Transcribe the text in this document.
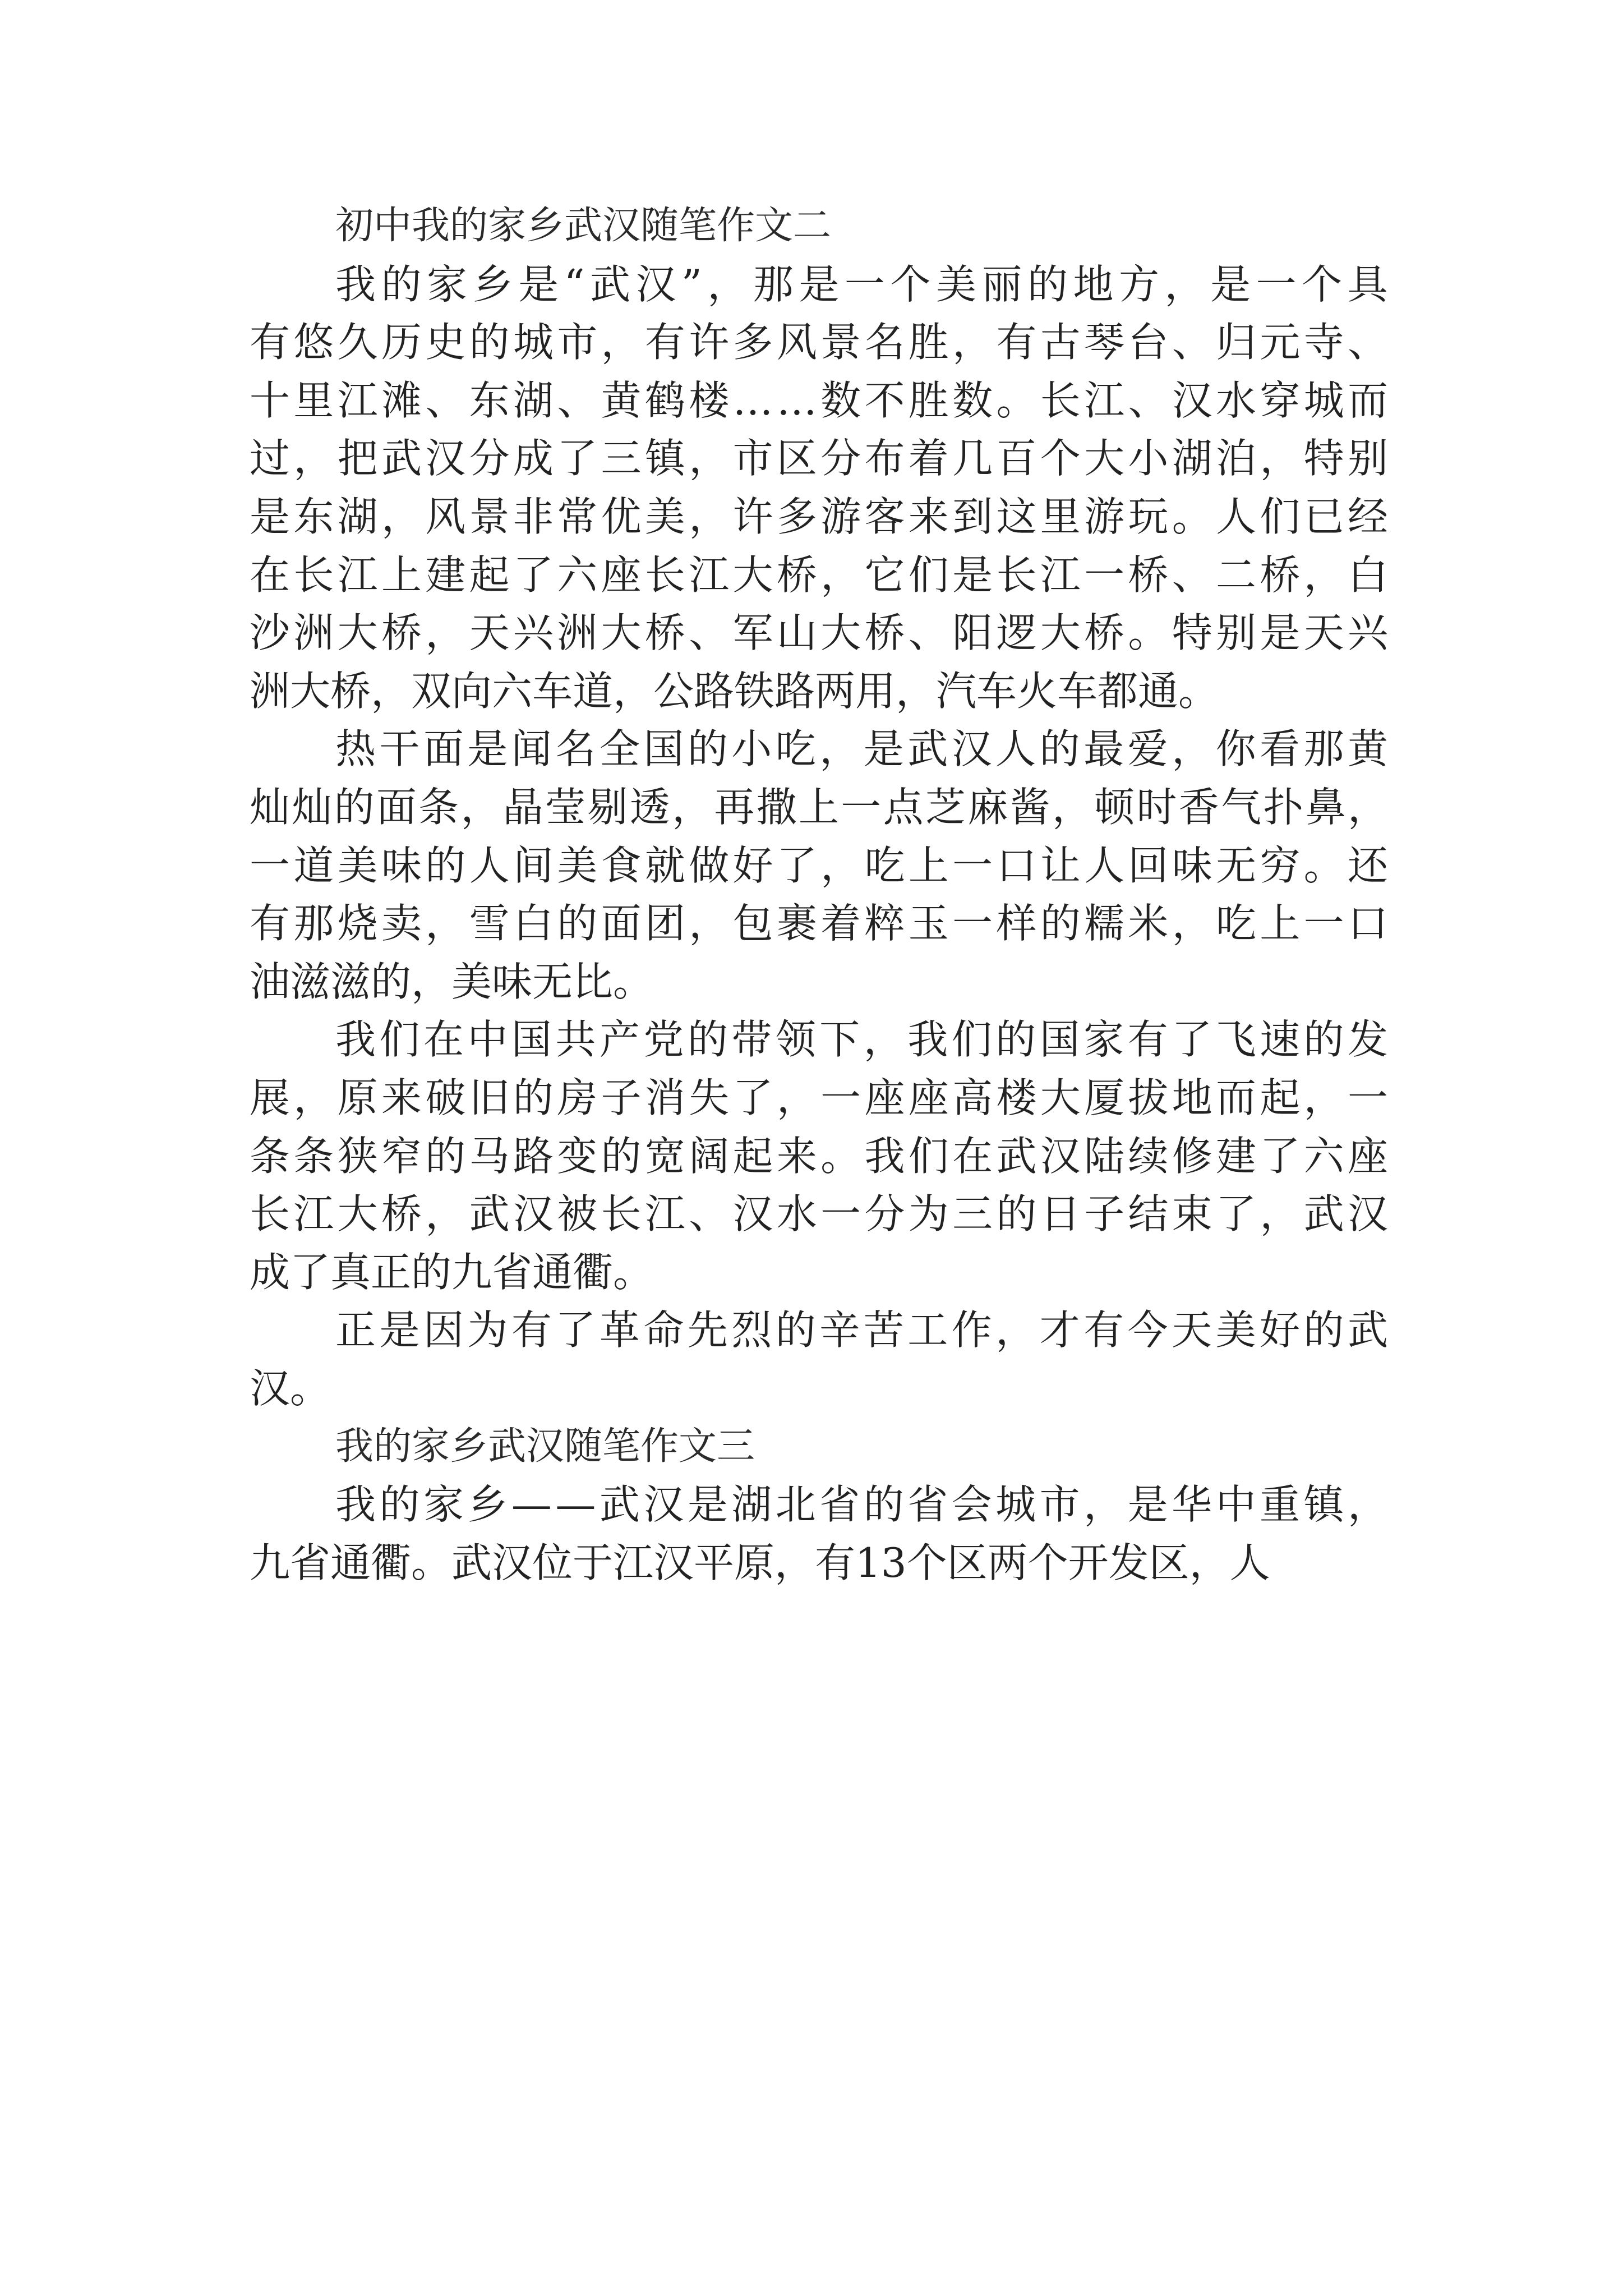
初中我的家乡武汉随笔作文二
我的家乡是“武汉”，那是一个美丽的地方，是一个具
有悠久历史的城市，有许多风景名胜，有古琴台、归元寺、
十里江滩、东湖、黄鹤楼……数不胜数。长江、汉水穿城而
过，把武汉分成了三镇，市区分布着几百个大小湖泊，特别
是东湖，风景非常优美，许多游客来到这里游玩。人们已经
在长江上建起了六座长江大桥，它们是长江一桥、二桥，白
沙洲大桥，天兴洲大桥、军山大桥、阳逻大桥。特别是天兴
洲大桥，双向六车道，公路铁路两用，汽车火车都通。
热干面是闻名全国的小吃，是武汉人的最爱，你看那黄
灿灿的面条，晶莹剔透，再撒上一点芝麻酱，顿时香气扑鼻，
一道美味的人间美食就做好了，吃上一口让人回味无穷。还
有那烧卖，雪白的面团，包裹着粹玉一样的糯米，吃上一口
油滋滋的，美味无比。
我们在中国共产党的带领下，我们的国家有了飞速的发
展，原来破旧的房子消失了，一座座高楼大厦拔地而起，一
条条狭窄的马路变的宽阔起来。我们在武汉陆续修建了六座
长江大桥，武汉被长江、汉水一分为三的日子结束了，武汉
成了真正的九省通衢。
正是因为有了革命先烈的辛苦工作，才有今天美好的武
汉。
我的家乡武汉随笔作文三
我的家乡——武汉是湖北省的省会城市，是华中重镇，
九省通衢。武汉位于江汉平原，有13个区两个开发区，人
